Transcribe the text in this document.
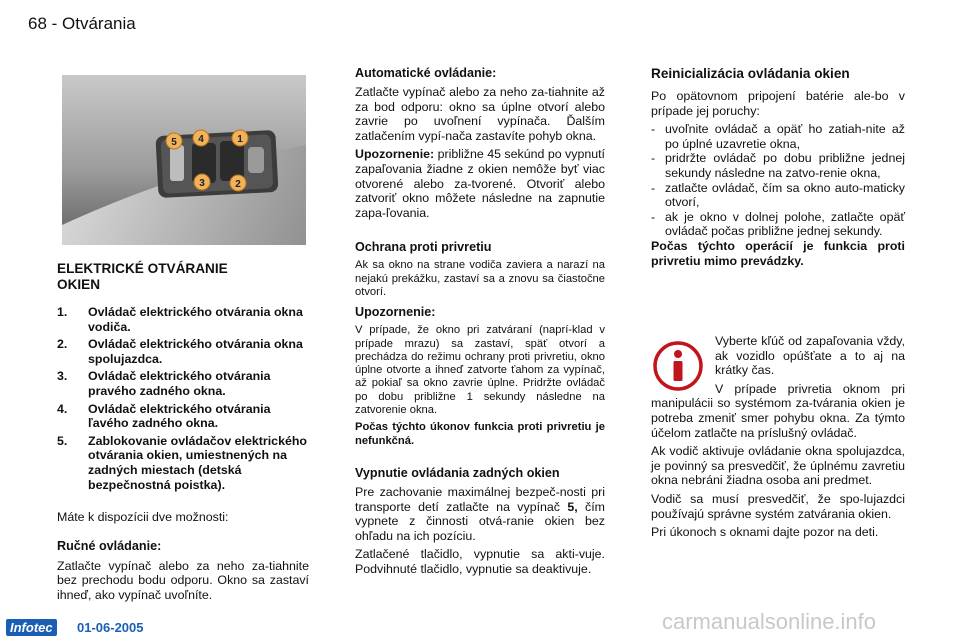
68 - Otvárania
5 4	1
3	2
ELEKTRICKÉ OTVÁRANIE OKIEN
1. Ovládač elektrického otvárania okna vodiča.
2. Ovládač elektrického otvárania okna spolujazdca.
3. Ovládač elektrického otvárania pravého zadného okna.
4. Ovládač elektrického otvárania ľavého zadného okna.
5. Zablokovanie ovládačov elektrického otvárania okien, umiestnených na zadných miestach (detská bezpečnostná poistka).

Máte k dispozícii dve možnosti:

Ručné ovládanie:

Zatlačte vypínač alebo za neho za-tiahnite bez prechodu bodu odporu. Okno sa zastaví ihneď, ako vypínač uvoľníte.

Automatické ovládanie:

Zatlačte vypínač alebo za neho za-tiahnite až za bod odporu: okno sa úplne otvorí alebo zavrie po uvoľnení vypínača. Ďalším zatlačením vypí-nača zastavíte pohyb okna.

Upozornenie: približne 45 sekúnd po vypnutí zapaľovania žiadne z okien nemôže byť viac otvorené alebo za-tvorené. Otvoriť alebo zatvoriť okno môžete následne na zapnutie zapa-ľovania.

Ochrana proti privretiu

Ak sa okno na strane vodiča zaviera a narazí na nejakú prekážku, zastaví sa a znovu sa čiastočne otvorí.

Upozornenie:

V prípade, že okno pri zatváraní (naprí-klad v prípade mrazu) sa zastaví, späť otvorí a prechádza do režimu ochrany proti privretiu, okno úplne otvorte a ihneď zatvorte ťahom za vypínač, až pokiaľ sa okno zavrie úplne. Pridržte ovládač po dobu približne 1 sekundy následne na zatvorenie okna.

Počas týchto úkonov funkcia proti privretiu je nefunkčná.

Vypnutie ovládania zadných okien

Pre zachovanie maximálnej bezpeč-nosti pri transporte detí zatlačte na vypínač 5, čím vypnete z činnosti otvá-ranie okien bez ohľadu na ich pozíciu.

Zatlačené tlačidlo, vypnutie sa akti-vuje. Podvihnuté tlačidlo, vypnutie sa deaktivuje.

Reinicializácia ovládania okien

Po opätovnom pripojení batérie ale-bo v prípade jej poruchy:

- uvoľnite ovládač a opäť ho zatiah-nite až po úplné uzavretie okna,
- pridržte ovládač po dobu približne jednej sekundy následne na zatvo-renie okna,
- zatlačte ovládač, čím sa okno auto-maticky otvorí,
- ak je okno v dolnej polohe, zatlačte opäť ovládač počas približne jednej sekundy.

Počas týchto operácií je funkcia proti privretiu mimo prevádzky.

Vyberte kľúč od zapaľovania vždy, ak vozidlo opúšťate a to aj na krátky čas.

V prípade privretia oknom pri manipulácii so systémom za-tvárania okien je potreba zmeniť smer pohybu okna. Za týmto účelom zatlačte na príslušný ovládač.

Ak vodič aktivuje ovládanie okna spolujazdca, je povinný sa presvedčiť, že úplnému zavretiu okna nebráni žiadna osoba ani predmet.

Vodič sa musí presvedčiť, že spo-lujazdci používajú správne systém zatvárania okien.

Pri úkonoch s oknami dajte pozor na deti.

Infotec	01-06-2005	carmanualsonline.info
